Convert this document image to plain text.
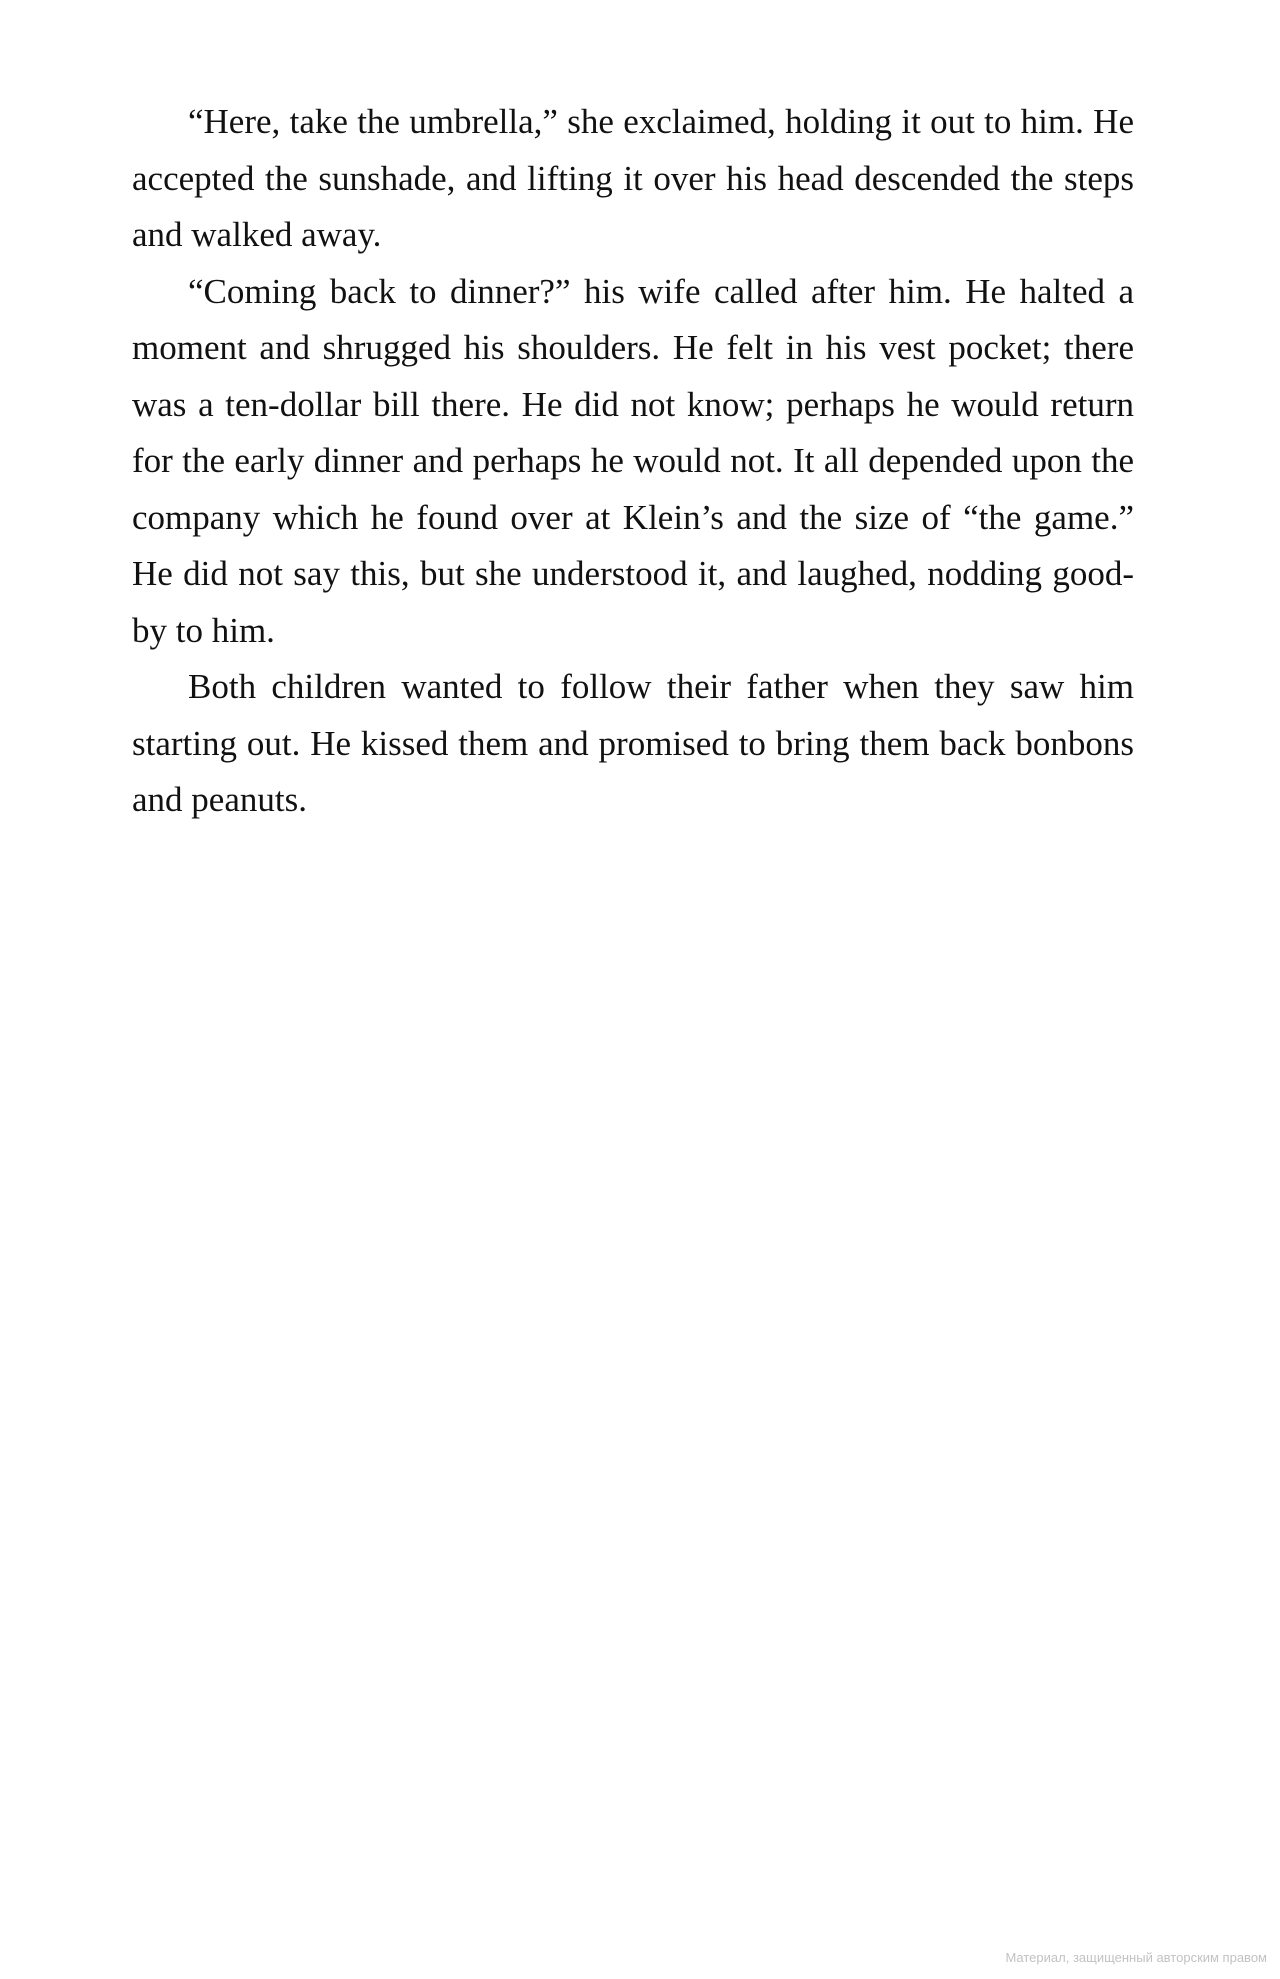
“Here, take the umbrella,” she exclaimed, holding it out to him. He accepted the sunshade, and lifting it over his head descended the steps and walked away.

“Coming back to dinner?” his wife called after him. He halted a moment and shrugged his shoulders. He felt in his vest pocket; there was a ten-dollar bill there. He did not know; perhaps he would return for the early dinner and perhaps he would not. It all depended upon the company which he found over at Klein’s and the size of “the game.” He did not say this, but she understood it, and laughed, nodding good-by to him.

Both children wanted to follow their father when they saw him starting out. He kissed them and promised to bring them back bonbons and peanuts.

Материал, защищенный авторским правом
